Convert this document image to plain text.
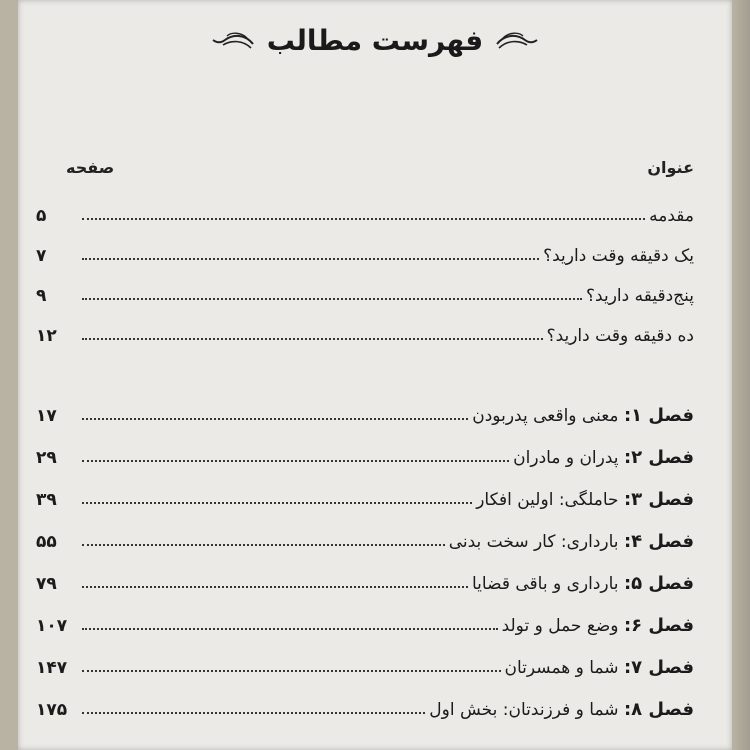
فهرست مطالب
عنوان
صفحه
مقدمه
۵
یک دقیقه وقت دارید؟
۷
پنج‌دقیقه دارید؟
۹
ده دقیقه وقت دارید؟
۱۲
فصل ۱: معنی واقعی پدربودن
۱۷
فصل ۲: پدران و مادران
۲۹
فصل ۳: حاملگی: اولین افکار
۳۹
فصل ۴: بارداری: کار سخت بدنی
۵۵
فصل ۵: بارداری و باقی قضایا
۷۹
فصل ۶: وضع حمل و تولد
۱۰۷
فصل ۷: شما و همسرتان
۱۴۷
فصل ۸: شما و فرزندتان: بخش اول
۱۷۵
